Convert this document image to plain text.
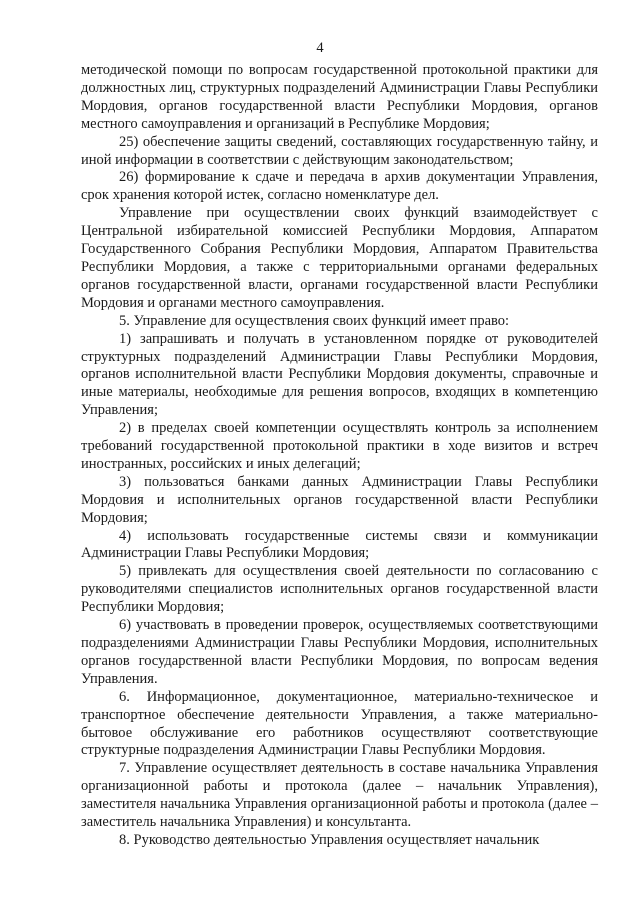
4

методической помощи по вопросам государственной протокольной практики для должностных лиц, структурных подразделений Администрации Главы Республики Мордовия, органов государственной власти Республики Мордовия, органов местного самоуправления и организаций в Республике Мордовия;

25) обеспечение защиты сведений, составляющих государственную тайну, и иной информации в соответствии с действующим законодательством;

26) формирование к сдаче и передача в архив документации Управления, срок хранения которой истек, согласно номенклатуре дел.

Управление при осуществлении своих функций взаимодействует с Центральной избирательной комиссией Республики Мордовия, Аппаратом Государственного Собрания Республики Мордовия, Аппаратом Правительства Республики Мордовия, а также с территориальными органами федеральных органов государственной власти, органами государственной власти Республики Мордовия и органами местного самоуправления.

5. Управление для осуществления своих функций имеет право:

1) запрашивать и получать в установленном порядке от руководителей структурных подразделений Администрации Главы Республики Мордовия, органов исполнительной власти Республики Мордовия документы, справочные и иные материалы, необходимые для решения вопросов, входящих в компетенцию Управления;

2) в пределах своей компетенции осуществлять контроль за исполнением требований государственной протокольной практики в ходе визитов и встреч иностранных, российских и иных делегаций;

3) пользоваться банками данных Администрации Главы Республики Мордовия и исполнительных органов государственной власти Республики Мордовия;

4) использовать государственные системы связи и коммуникации Администрации Главы Республики Мордовия;

5) привлекать для осуществления своей деятельности по согласованию с руководителями специалистов исполнительных органов государственной власти Республики Мордовия;

6) участвовать в проведении проверок, осуществляемых соответствующими подразделениями Администрации Главы Республики Мордовия, исполнительных органов государственной власти Республики Мордовия, по вопросам ведения Управления.

6. Информационное, документационное, материально-техническое и транспортное обеспечение деятельности Управления, а также материально-бытовое обслуживание его работников осуществляют соответствующие структурные подразделения Администрации Главы Республики Мордовия.

7. Управление осуществляет деятельность в составе начальника Управления организационной работы и протокола (далее – начальник Управления), заместителя начальника Управления организационной работы и протокола (далее – заместитель начальника Управления) и консультанта.

8. Руководство деятельностью Управления осуществляет начальник
